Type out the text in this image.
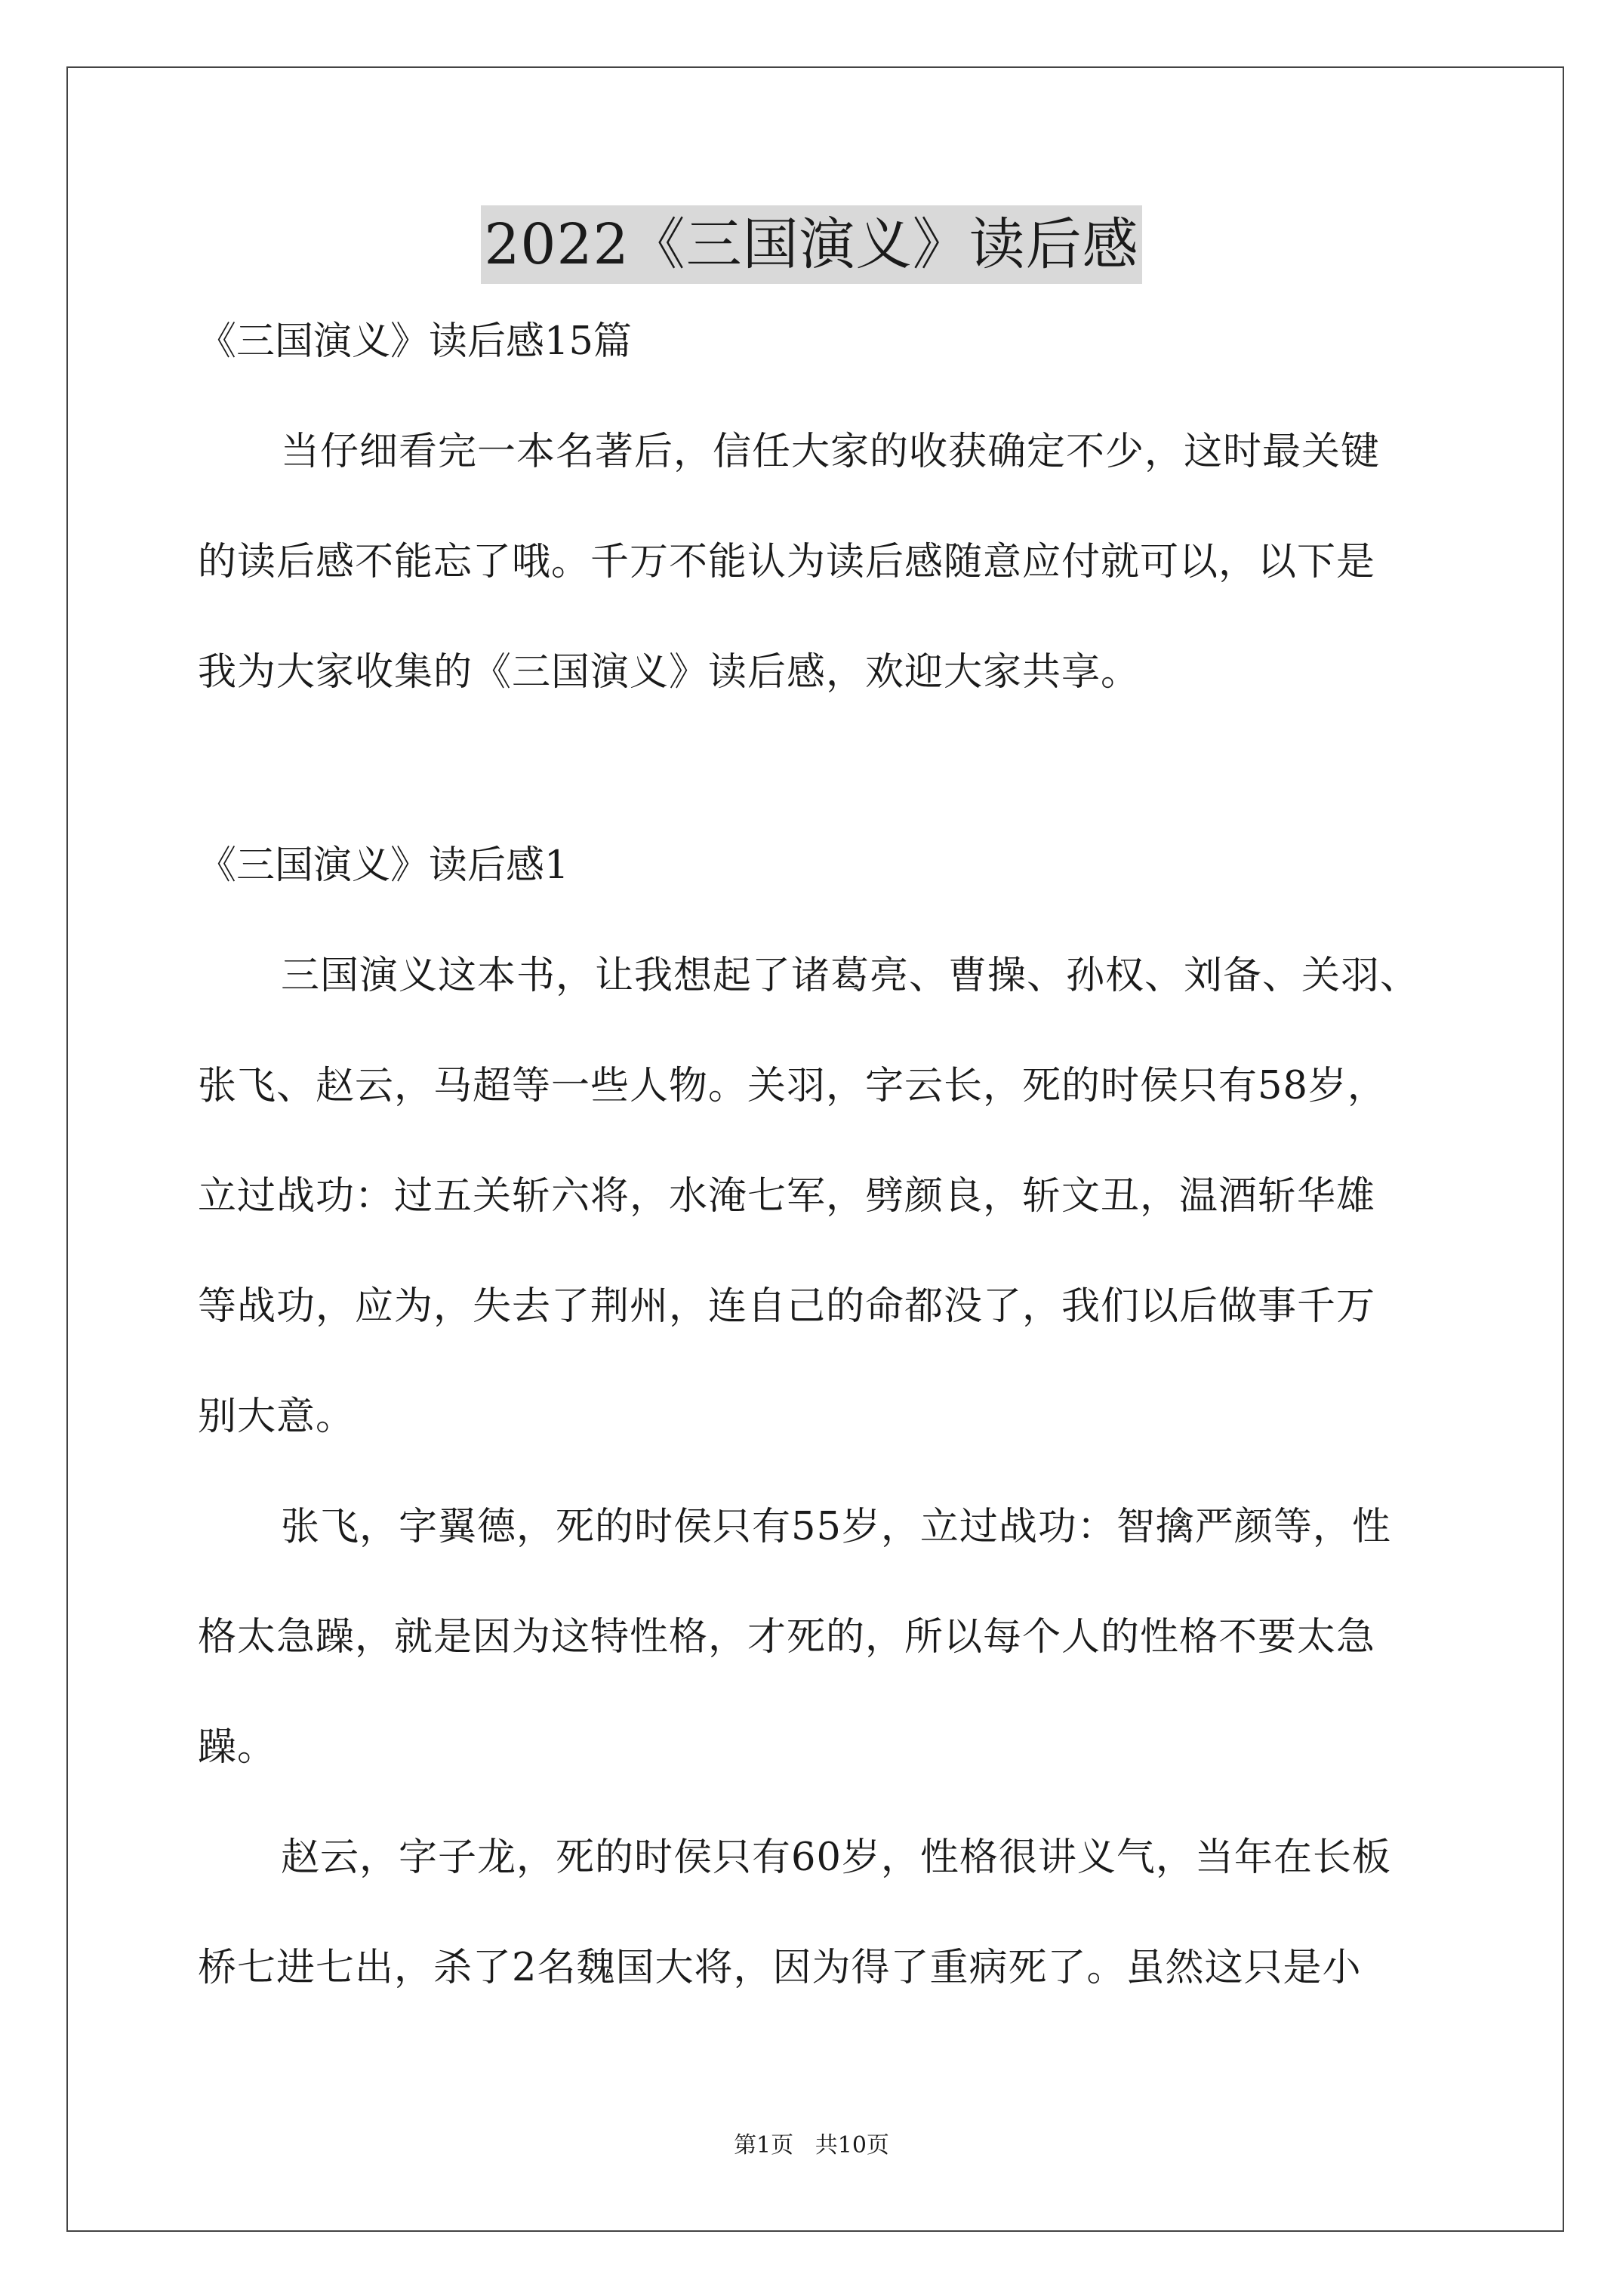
2022《三国演义》读后感
《三国演义》读后感15篇
当仔细看完一本名著后，信任大家的收获确定不少，这时最关键
的读后感不能忘了哦。千万不能认为读后感随意应付就可以，以下是
我为大家收集的《三国演义》读后感，欢迎大家共享。
《三国演义》读后感1
三国演义这本书，让我想起了诸葛亮、曹操、孙权、刘备、关羽、
张飞、赵云，马超等一些人物。关羽，字云长，死的时侯只有58岁，
立过战功：过五关斩六将，水淹七军，劈颜良，斩文丑，温酒斩华雄
等战功，应为，失去了荆州，连自己的命都没了，我们以后做事千万
别大意。
张飞，字翼德，死的时侯只有55岁，立过战功：智擒严颜等，性
格太急躁，就是因为这特性格，才死的，所以每个人的性格不要太急
躁。
赵云，字子龙，死的时侯只有60岁，性格很讲义气，当年在长板
桥七进七出，杀了2名魏国大将，因为得了重病死了。虽然这只是小
第1页   共10页
